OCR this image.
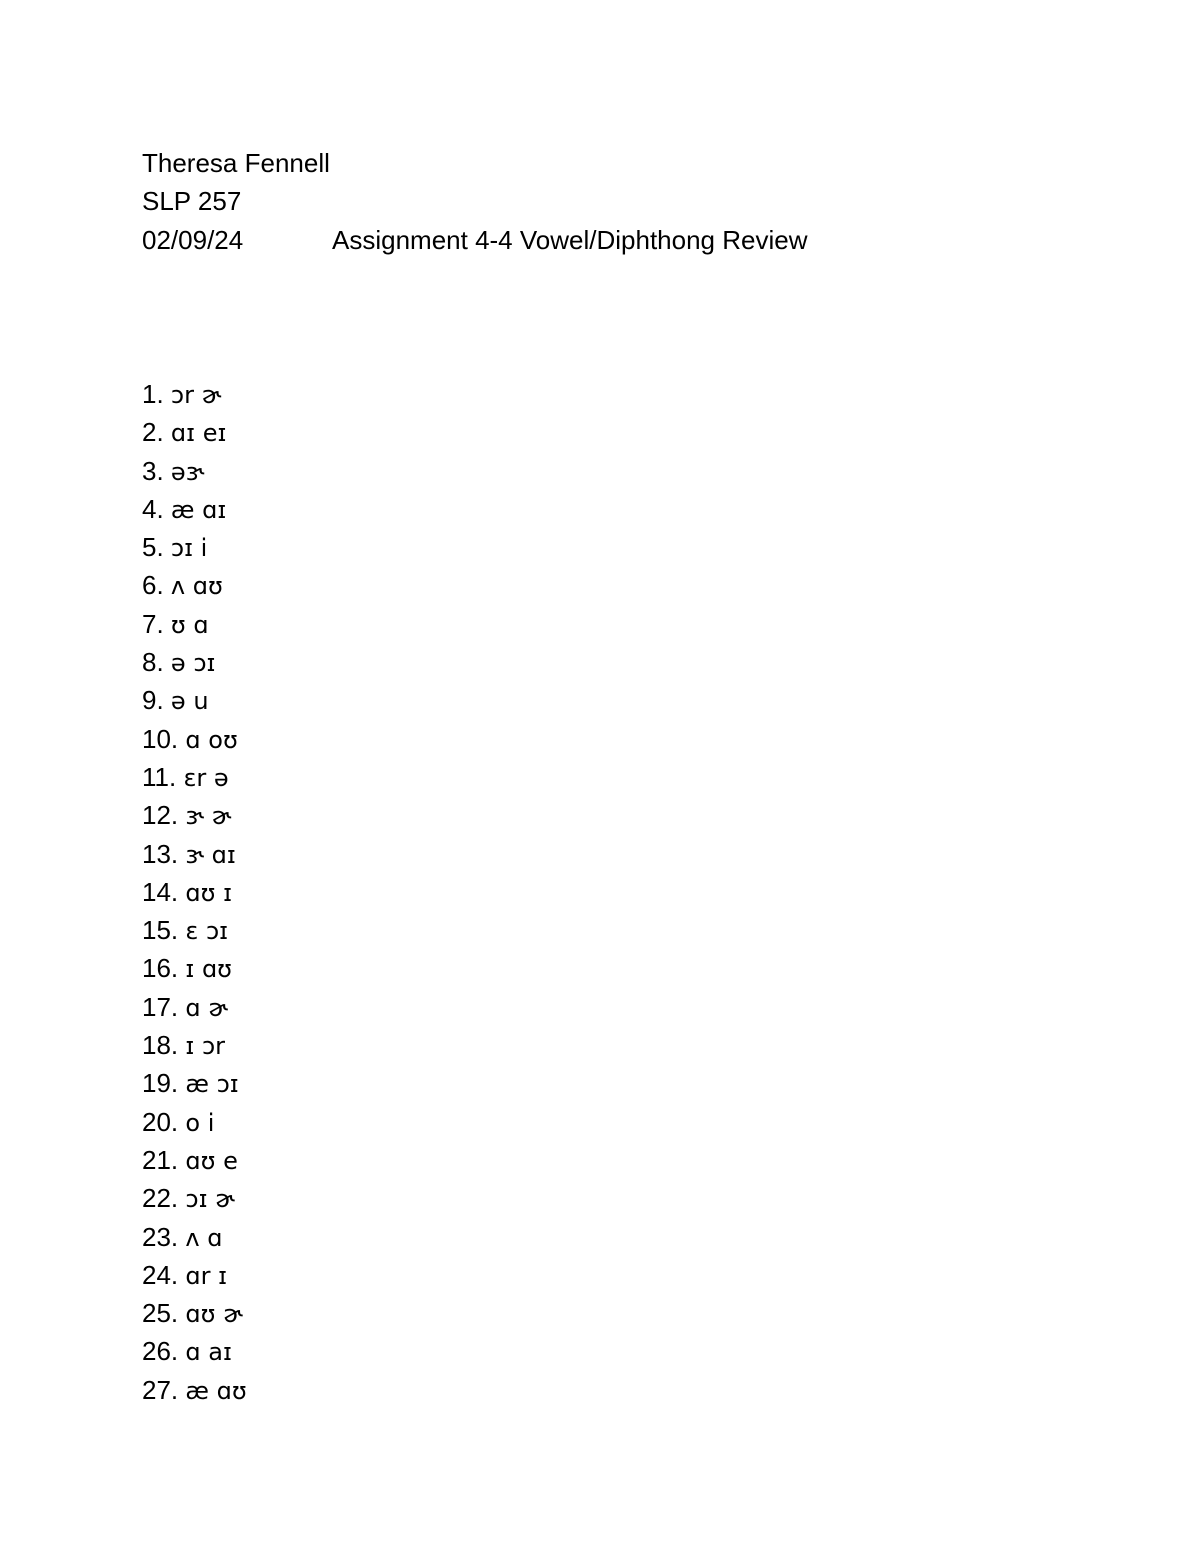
Theresa Fennell
SLP 257
02/09/24	Assignment 4-4 Vowel/Diphthong Review
1. ɔr ɚ
2. ɑɪ eɪ
3. əɝ
4. æ ɑɪ
5. ɔɪ i
6. ʌ ɑʊ
7. ʊ ɑ
8. ə ɔɪ
9. ə u
10. ɑ oʊ
11. ɛr ə
12. ɝ ɚ
13. ɝ ɑɪ
14. ɑʊ ɪ
15. ɛ ɔɪ
16. ɪ ɑʊ
17. ɑ ɚ
18. ɪ ɔr
19. æ ɔɪ
20. o i
21. ɑʊ e
22. ɔɪ ɚ
23. ʌ ɑ
24. ɑr ɪ
25. ɑʊ ɚ
26. ɑ aɪ
27. æ ɑʊ
